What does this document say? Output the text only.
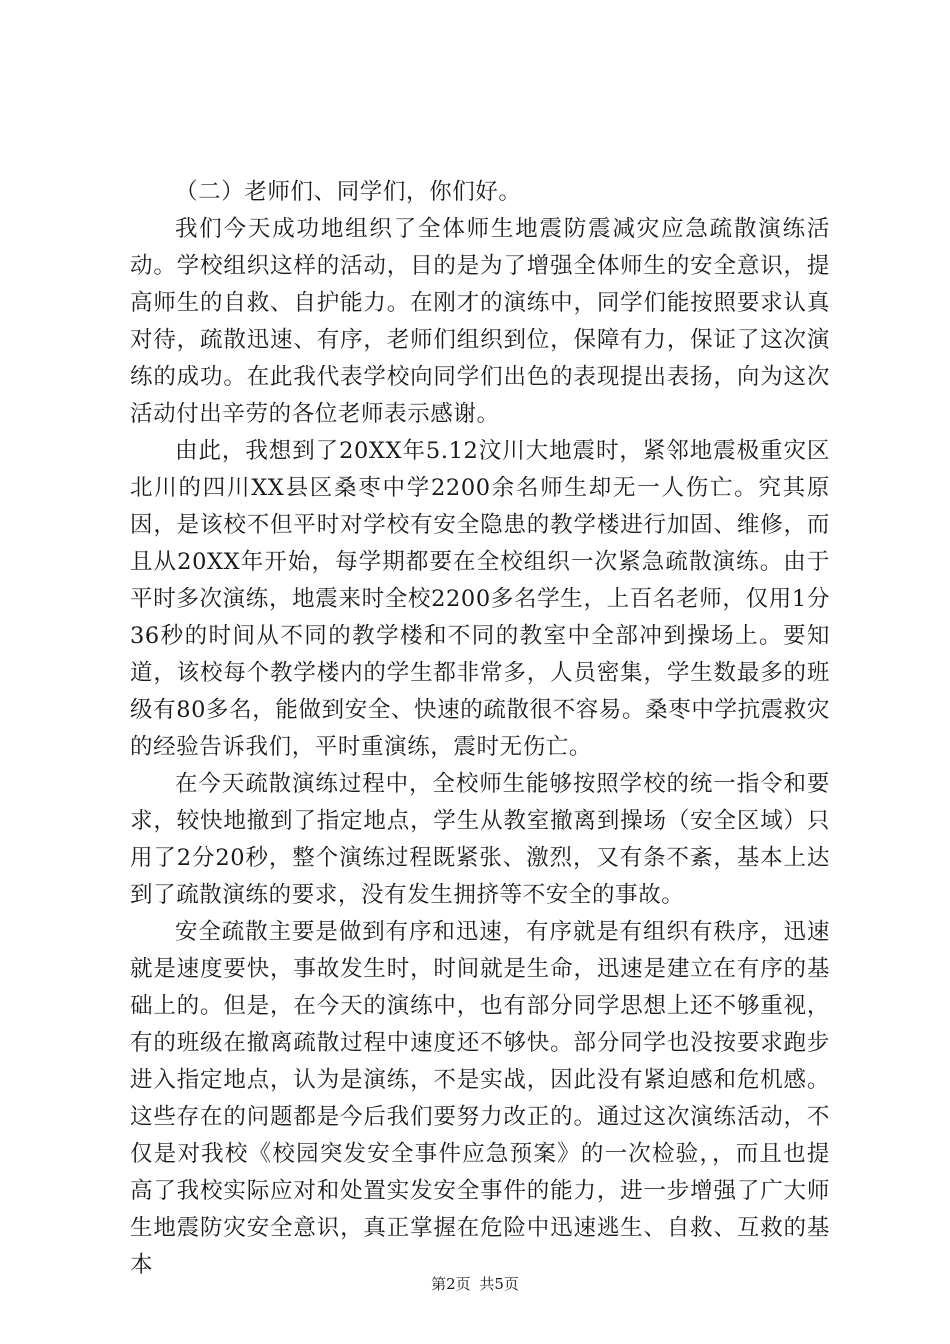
（二）老师们、同学们，你们好。

我们今天成功地组织了全体师生地震防震减灾应急疏散演练活动。学校组织这样的活动，目的是为了增强全体师生的安全意识，提高师生的自救、自护能力。在刚才的演练中，同学们能按照要求认真对待，疏散迅速、有序，老师们组织到位，保障有力，保证了这次演练的成功。在此我代表学校向同学们出色的表现提出表扬，向为这次活动付出辛劳的各位老师表示感谢。

由此，我想到了20XX年5.12汶川大地震时，紧邻地震极重灾区北川的四川XX县区桑枣中学2200余名师生却无一人伤亡。究其原因，是该校不但平时对学校有安全隐患的教学楼进行加固、维修，而且从20XX年开始，每学期都要在全校组织一次紧急疏散演练。由于平时多次演练，地震来时全校2200多名学生，上百名老师，仅用1分36秒的时间从不同的教学楼和不同的教室中全部冲到操场上。要知道，该校每个教学楼内的学生都非常多，人员密集，学生数最多的班级有80多名，能做到安全、快速的疏散很不容易。桑枣中学抗震救灾的经验告诉我们，平时重演练，震时无伤亡。

在今天疏散演练过程中，全校师生能够按照学校的统一指令和要求，较快地撤到了指定地点，学生从教室撤离到操场（安全区域）只用了2分20秒，整个演练过程既紧张、激烈，又有条不紊，基本上达到了疏散演练的要求，没有发生拥挤等不安全的事故。

安全疏散主要是做到有序和迅速，有序就是有组织有秩序，迅速就是速度要快，事故发生时，时间就是生命，迅速是建立在有序的基础上的。但是，在今天的演练中，也有部分同学思想上还不够重视，有的班级在撤离疏散过程中速度还不够快。部分同学也没按要求跑步进入指定地点，认为是演练，不是实战，因此没有紧迫感和危机感。这些存在的问题都是今后我们要努力改正的。通过这次演练活动，不仅是对我校《校园突发安全事件应急预案》的一次检验，，而且也提高了我校实际应对和处置实发安全事件的能力，进一步增强了广大师生地震防灾安全意识，真正掌握在危险中迅速逃生、自救、互救的基本

第2页 共5页
